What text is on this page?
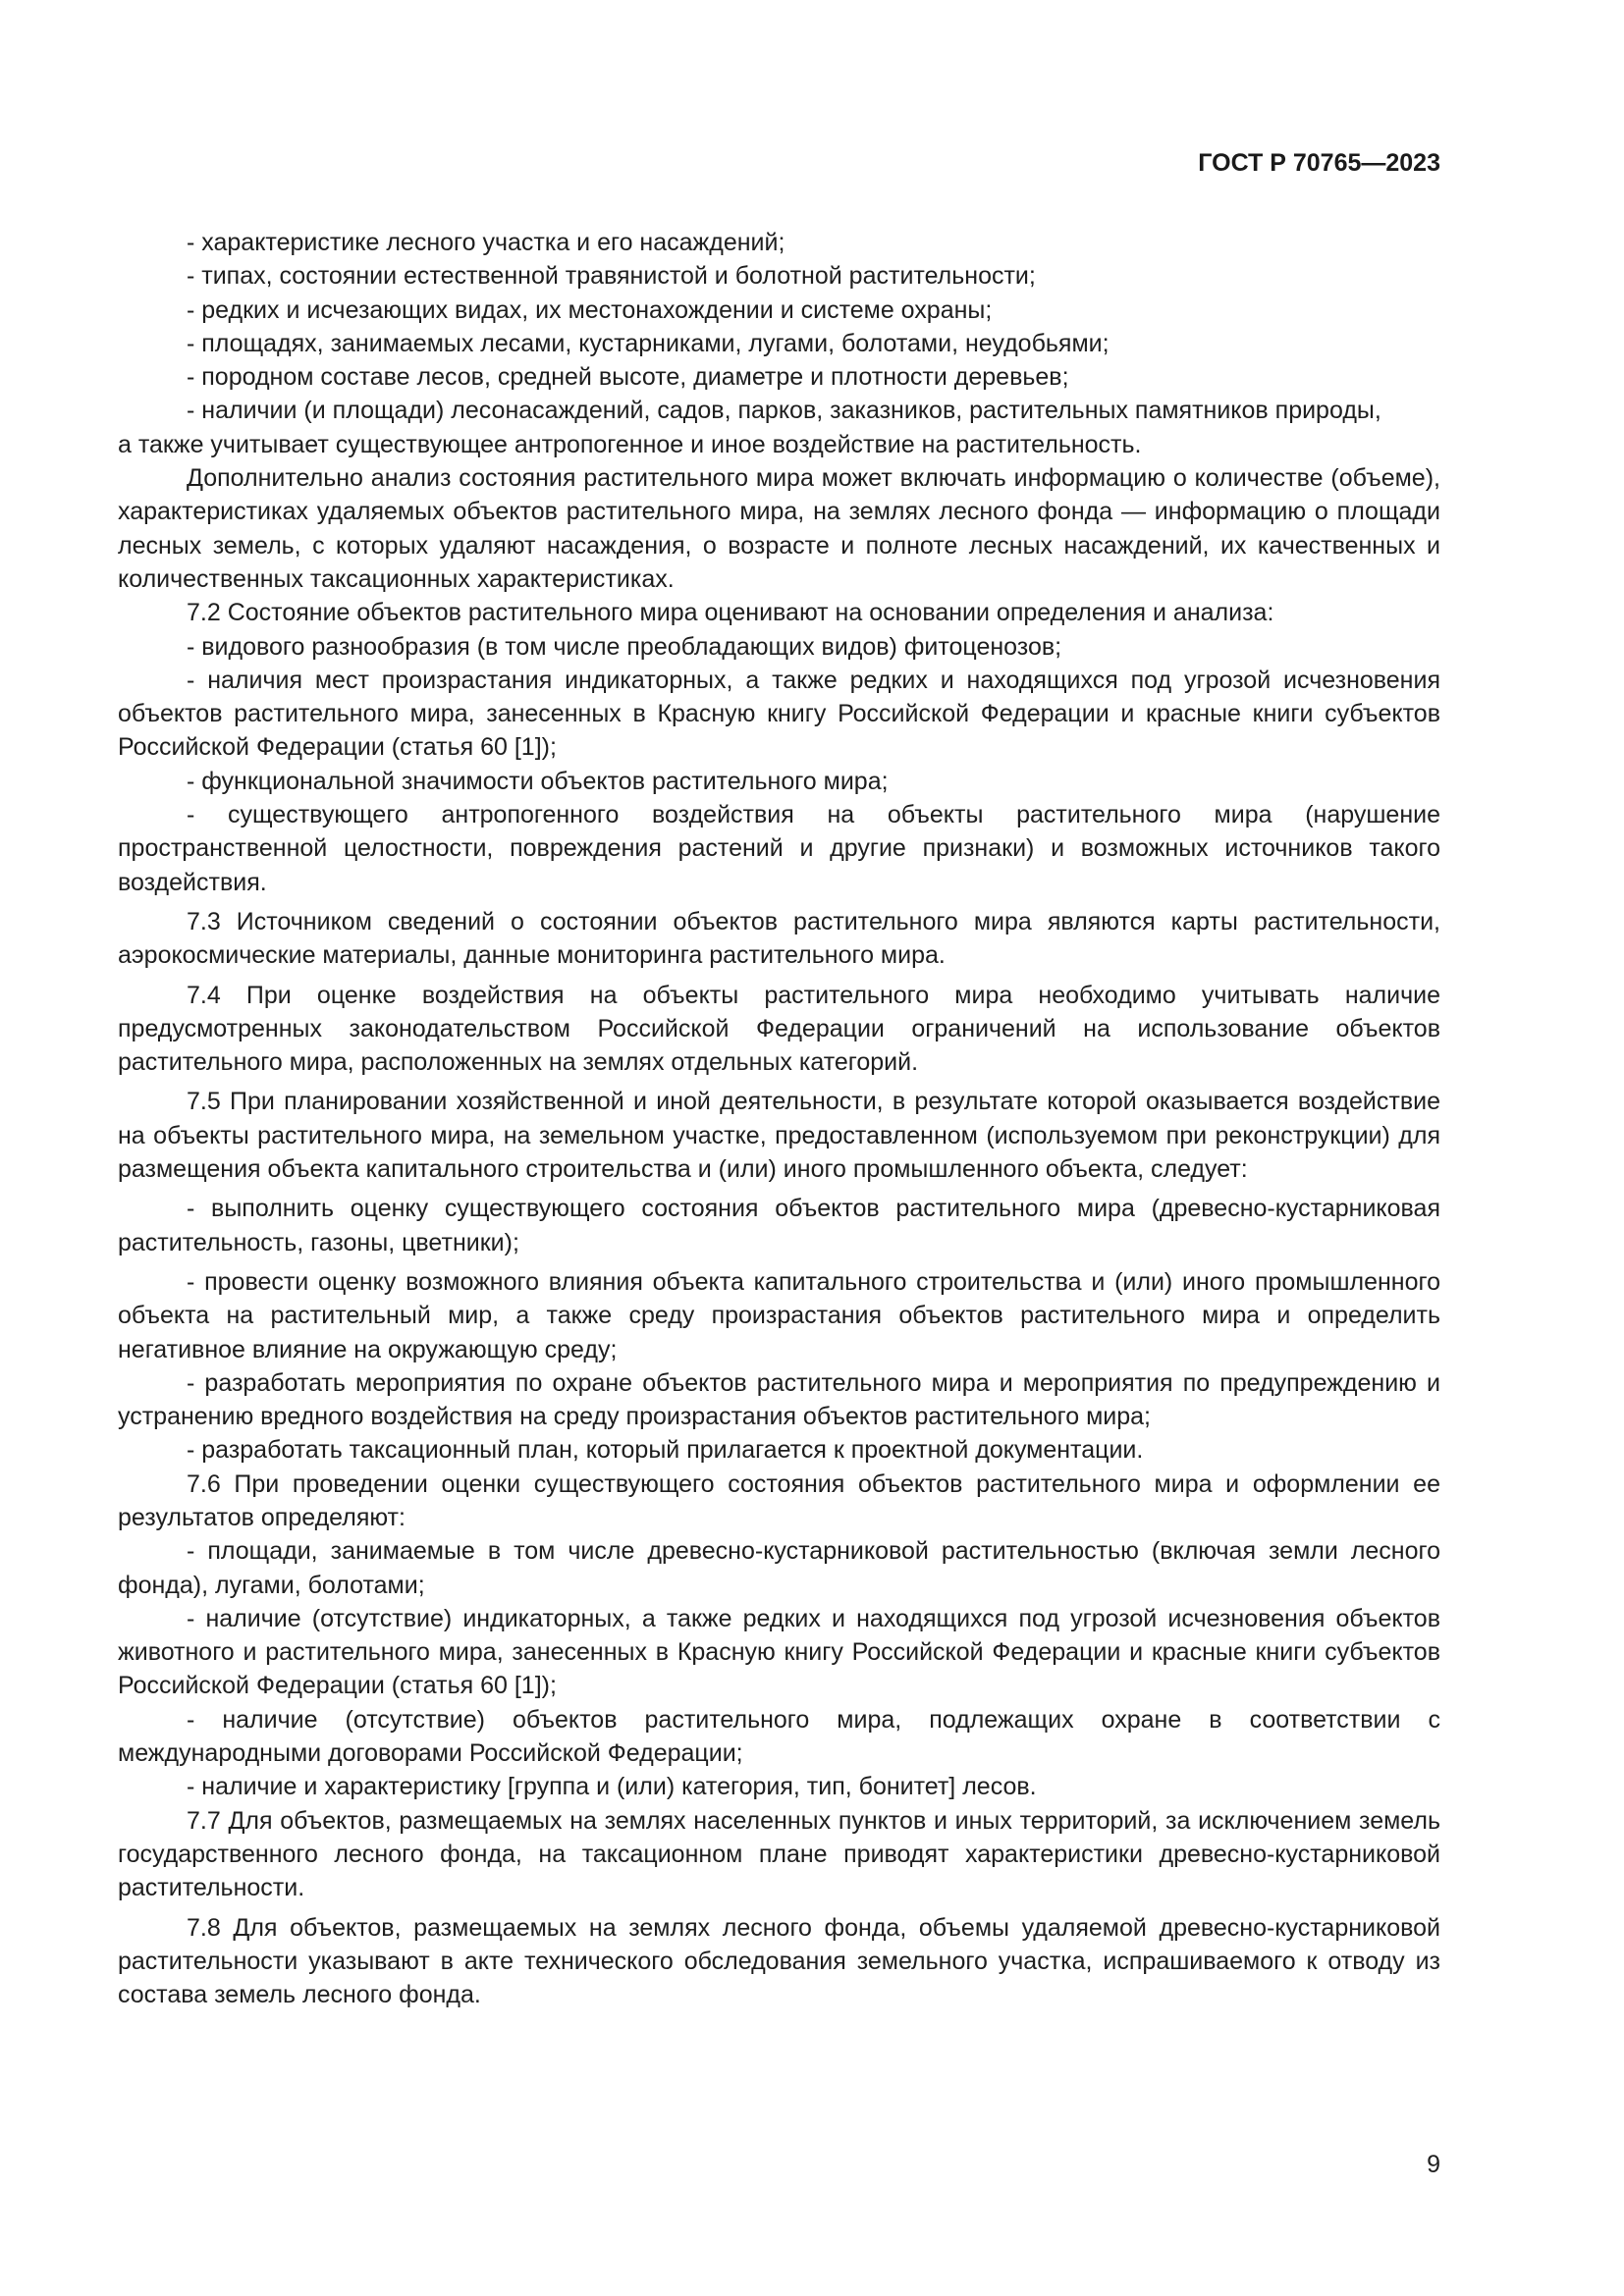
ГОСТ Р 70765—2023
- характеристике лесного участка и его насаждений;
- типах, состоянии естественной травянистой и болотной растительности;
- редких и исчезающих видах, их местонахождении и системе охраны;
- площадях, занимаемых лесами, кустарниками, лугами, болотами, неудобьями;
- породном составе лесов, средней высоте, диаметре и плотности деревьев;
- наличии (и площади) лесонасаждений, садов, парков, заказников, растительных памятников природы,
а также учитывает существующее антропогенное и иное воздействие на растительность.
Дополнительно анализ состояния растительного мира может включать информацию о количестве (объеме), характеристиках удаляемых объектов растительного мира, на землях лесного фонда — информацию о площади лесных земель, с которых удаляют насаждения, о возрасте и полноте лесных насаждений, их качественных и количественных таксационных характеристиках.
7.2 Состояние объектов растительного мира оценивают на основании определения и анализа:
- видового разнообразия (в том числе преобладающих видов) фитоценозов;
- наличия мест произрастания индикаторных, а также редких и находящихся под угрозой исчезновения объектов растительного мира, занесенных в Красную книгу Российской Федерации и красные книги субъектов Российской Федерации (статья 60 [1]);
- функциональной значимости объектов растительного мира;
- существующего антропогенного воздействия на объекты растительного мира (нарушение пространственной целостности, повреждения растений и другие признаки) и возможных источников такого воздействия.
7.3 Источником сведений о состоянии объектов растительного мира являются карты растительности, аэрокосмические материалы, данные мониторинга растительного мира.
7.4 При оценке воздействия на объекты растительного мира необходимо учитывать наличие предусмотренных законодательством Российской Федерации ограничений на использование объектов растительного мира, расположенных на землях отдельных категорий.
7.5 При планировании хозяйственной и иной деятельности, в результате которой оказывается воздействие на объекты растительного мира, на земельном участке, предоставленном (используемом при реконструкции) для размещения объекта капитального строительства и (или) иного промышленного объекта, следует:
- выполнить оценку существующего состояния объектов растительного мира (древесно-кустарниковая растительность, газоны, цветники);
- провести оценку возможного влияния объекта капитального строительства и (или) иного промышленного объекта на растительный мир, а также среду произрастания объектов растительного мира и определить негативное влияние на окружающую среду;
- разработать мероприятия по охране объектов растительного мира и мероприятия по предупреждению и устранению вредного воздействия на среду произрастания объектов растительного мира;
- разработать таксационный план, который прилагается к проектной документации.
7.6 При проведении оценки существующего состояния объектов растительного мира и оформлении ее результатов определяют:
- площади, занимаемые в том числе древесно-кустарниковой растительностью (включая земли лесного фонда), лугами, болотами;
- наличие (отсутствие) индикаторных, а также редких и находящихся под угрозой исчезновения объектов животного и растительного мира, занесенных в Красную книгу Российской Федерации и красные книги субъектов Российской Федерации (статья 60 [1]);
- наличие (отсутствие) объектов растительного мира, подлежащих охране в соответствии с международными договорами Российской Федерации;
- наличие и характеристику [группа и (или) категория, тип, бонитет] лесов.
7.7 Для объектов, размещаемых на землях населенных пунктов и иных территорий, за исключением земель государственного лесного фонда, на таксационном плане приводят характеристики древесно-кустарниковой растительности.
7.8 Для объектов, размещаемых на землях лесного фонда, объемы удаляемой древесно-кустарниковой растительности указывают в акте технического обследования земельного участка, испрашиваемого к отводу из состава земель лесного фонда.
9
